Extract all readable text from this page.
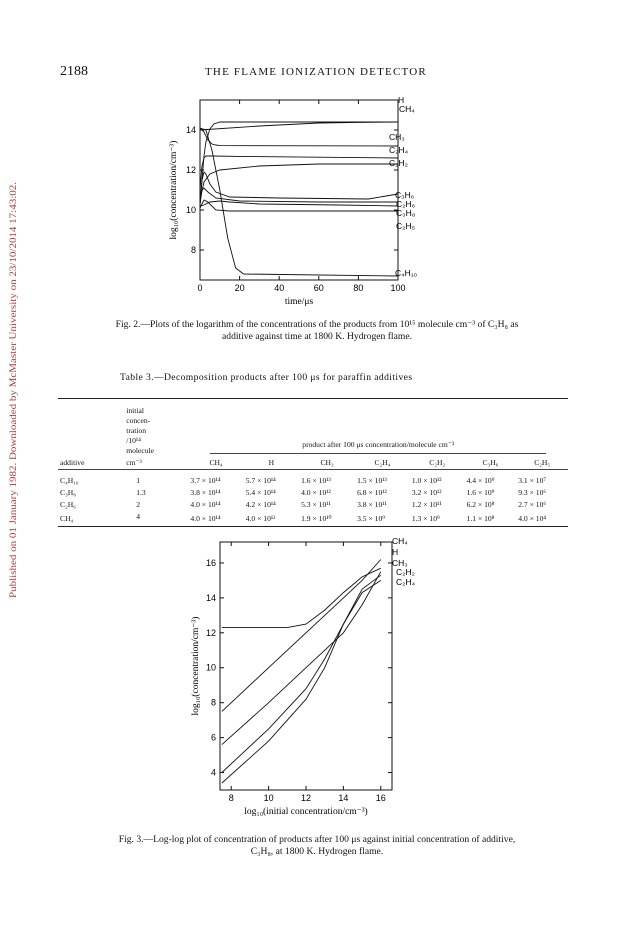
Published on 01 January 1982. Downloaded by McMaster University on 23/10/2014 17:43:02.
2188	THE FLAME IONIZATION DETECTOR
0	20	40	60	80	100
8
10
12
14
H
CH₄
CH₃
C₂H₄
C₂H₂
C₃H₆
C₂H₆
C₃H₈
C₂H₅
C₄H₁₀
time/μs
log₁₀(concentration/cm⁻³)
Fig. 2.—Plots of the logarithm of the concentrations of the products from 10¹⁵ molecule cm⁻³ of C₃H₈ as
additive against time at 1800 K. Hydrogen flame.
Table 3.—Decomposition products after 100 μs for paraffin additives

	initial
concen-
tration
/10¹⁴
molecule	product after 100 μs concentration/molecule cm⁻³						

additive	cm⁻³	CH₄	H	CH₃	C₂H₄	C₂H₂	C₃H₆	C₂H₅

C₄H₁₀	1	3.7 × 10¹⁴	5.7 × 10¹⁴	1.6 × 10¹³	1.5 × 10¹³	1.0 × 10¹²	4.4 × 10⁹	3.1 × 10⁷
C₃H₈	1.3	3.8 × 10¹⁴	5.4 × 10¹⁴	4.0 × 10¹²	6.8 × 10¹²	3.2 × 10¹²	1.6 × 10⁹	9.3 × 10⁶
C₂H₆	2	4.0 × 10¹⁴	4.2 × 10¹⁴	5.3 × 10¹¹	3.8 × 10¹¹	1.2 × 10¹¹	6.2 × 10⁸	2.7 × 10⁶
CH₄	4	4.0 × 10¹⁴	4.0 × 10¹²	1.9 × 10¹⁰	3.5 × 10⁹	1.3 × 10⁹	1.1 × 10⁸	4.0 × 10⁴
8	10	12	14	16
4
6
8
10
12
14
16
CH₄
H
CH₃
C₂H₂
C₂H₄
log₁₀(initial concentration/cm⁻³)
log₁₀(concentration/cm⁻³)
Fig. 3.—Log-log plot of concentration of products after 100 μs against initial concentration of additive,
C₃H₈, at 1800 K. Hydrogen flame.
